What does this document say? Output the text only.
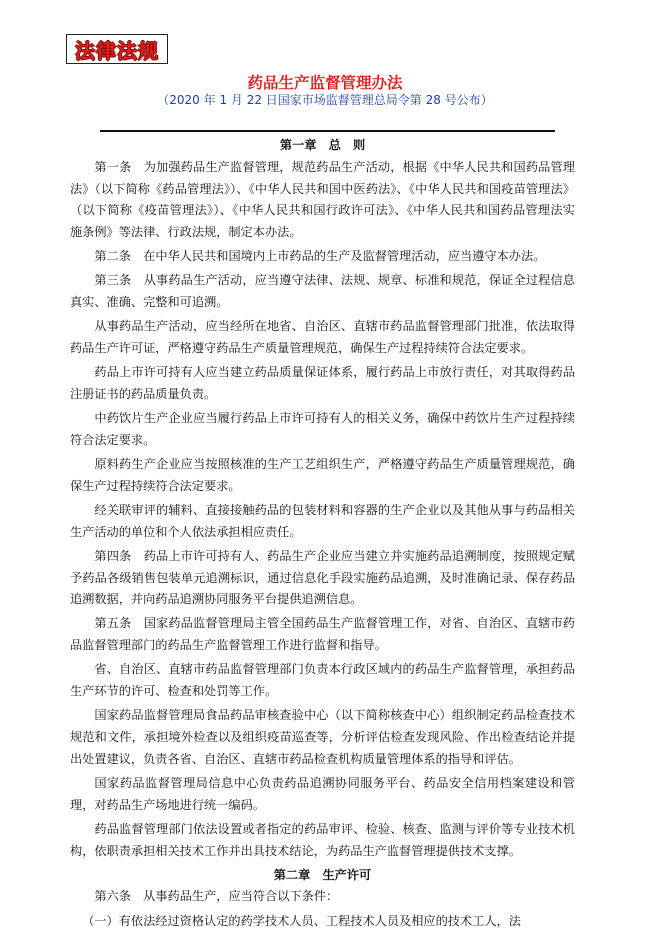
法律法规
药品生产监督管理办法
（2020 年 1 月 22 日国家市场监督管理总局令第 28 号公布）
第一章　总　则

第一条　为加强药品生产监督管理，规范药品生产活动，根据《中华人民共和国药品管理法》（以下简称《药品管理法》）、《中华人民共和国中医药法》、《中华人民共和国疫苗管理法》（以下简称《疫苗管理法》）、《中华人民共和国行政许可法》、《中华人民共和国药品管理法实施条例》等法律、行政法规，制定本办法。

第二条　在中华人民共和国境内上市药品的生产及监督管理活动，应当遵守本办法。

第三条　从事药品生产活动，应当遵守法律、法规、规章、标准和规范，保证全过程信息真实、准确、完整和可追溯。

从事药品生产活动，应当经所在地省、自治区、直辖市药品监督管理部门批准，依法取得药品生产许可证，严格遵守药品生产质量管理规范，确保生产过程持续符合法定要求。

药品上市许可持有人应当建立药品质量保证体系，履行药品上市放行责任，对其取得药品注册证书的药品质量负责。

中药饮片生产企业应当履行药品上市许可持有人的相关义务，确保中药饮片生产过程持续符合法定要求。

原料药生产企业应当按照核准的生产工艺组织生产，严格遵守药品生产质量管理规范，确保生产过程持续符合法定要求。

经关联审评的辅料、直接接触药品的包装材料和容器的生产企业以及其他从事与药品相关生产活动的单位和个人依法承担相应责任。

第四条　药品上市许可持有人、药品生产企业应当建立并实施药品追溯制度，按照规定赋予药品各级销售包装单元追溯标识，通过信息化手段实施药品追溯，及时准确记录、保存药品追溯数据，并向药品追溯协同服务平台提供追溯信息。

第五条　国家药品监督管理局主管全国药品生产监督管理工作，对省、自治区、直辖市药品监督管理部门的药品生产监督管理工作进行监督和指导。

省、自治区、直辖市药品监督管理部门负责本行政区域内的药品生产监督管理，承担药品生产环节的许可、检查和处罚等工作。

国家药品监督管理局食品药品审核查验中心（以下简称核查中心）组织制定药品检查技术规范和文件，承担境外检查以及组织疫苗巡查等，分析评估检查发现风险、作出检查结论并提出处置建议，负责各省、自治区、直辖市药品检查机构质量管理体系的指导和评估。

国家药品监督管理局信息中心负责药品追溯协同服务平台、药品安全信用档案建设和管理，对药品生产场地进行统一编码。

药品监督管理部门依法设置或者指定的药品审评、检验、核查、监测与评价等专业技术机构，依职责承担相关技术工作并出具技术结论，为药品生产监督管理提供技术支撑。

第二章　生产许可

第六条　从事药品生产，应当符合以下条件：

（一）有依法经过资格认定的药学技术人员、工程技术人员及相应的技术工人，法
